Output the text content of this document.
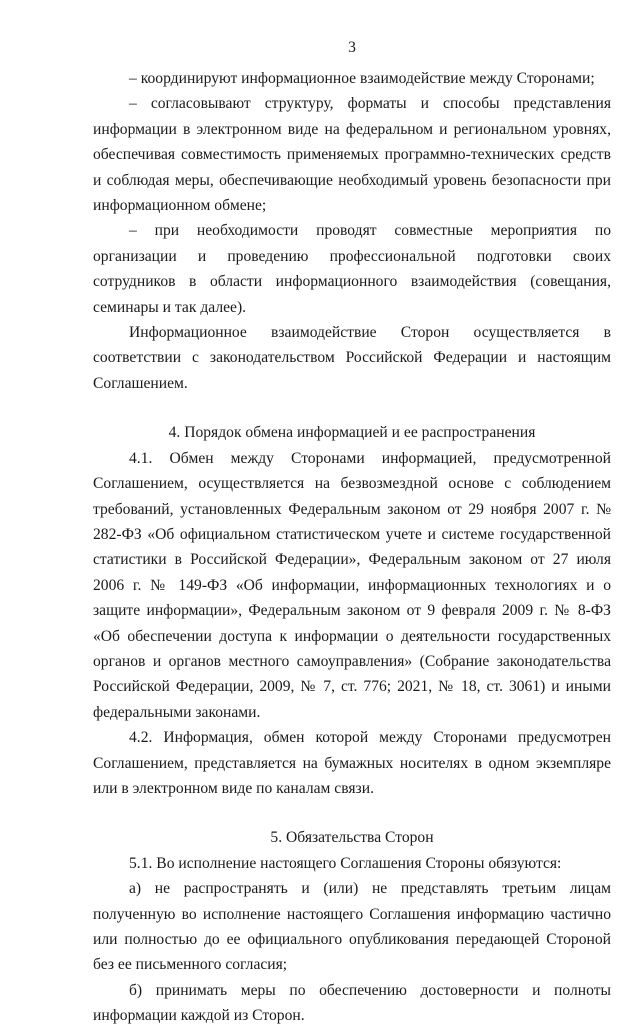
3

– координируют информационное взаимодействие между Сторонами;

– согласовывают структуру, форматы и способы представления информации в электронном виде на федеральном и региональном уровнях, обеспечивая совместимость применяемых программно-технических средств и соблюдая меры, обеспечивающие необходимый уровень безопасности при информационном обмене;

– при необходимости проводят совместные мероприятия по организации и проведению профессиональной подготовки своих сотрудников в области информационного взаимодействия (совещания, семинары и так далее).

Информационное взаимодействие Сторон осуществляется в соответствии с законодательством Российской Федерации и настоящим Соглашением.

4. Порядок обмена информацией и ее распространения

4.1. Обмен между Сторонами информацией, предусмотренной Соглашением, осуществляется на безвозмездной основе с соблюдением требований, установленных Федеральным законом от 29 ноября 2007 г. № 282-ФЗ «Об официальном статистическом учете и системе государственной статистики в Российской Федерации», Федеральным законом от 27 июля 2006 г. № 149-ФЗ «Об информации, информационных технологиях и о защите информации», Федеральным законом от 9 февраля 2009 г. № 8-ФЗ «Об обеспечении доступа к информации о деятельности государственных органов и органов местного самоуправления» (Собрание законодательства Российской Федерации, 2009, № 7, ст. 776; 2021, № 18, ст. 3061) и иными федеральными законами.

4.2. Информация, обмен которой между Сторонами предусмотрен Соглашением, представляется на бумажных носителях в одном экземпляре или в электронном виде по каналам связи.

5. Обязательства Сторон

5.1. Во исполнение настоящего Соглашения Стороны обязуются:

а) не распространять и (или) не представлять третьим лицам полученную во исполнение настоящего Соглашения информацию частично или полностью до ее официального опубликования передающей Стороной без ее письменного согласия;

б) принимать меры по обеспечению достоверности и полноты информации каждой из Сторон.
